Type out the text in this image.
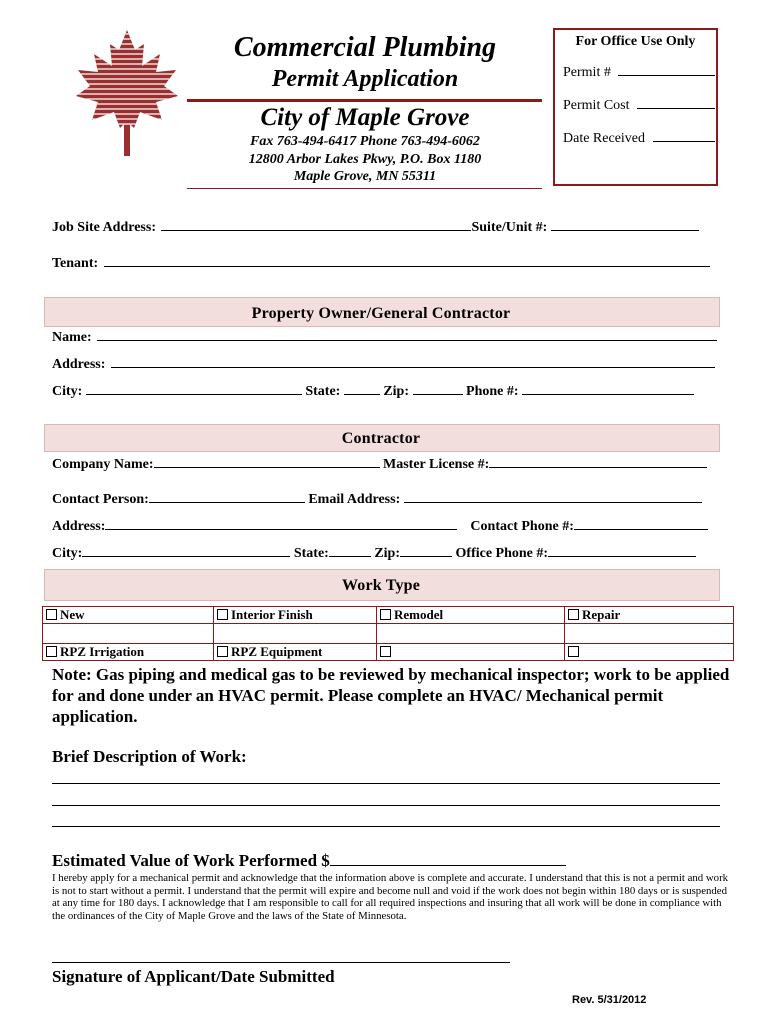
Commercial Plumbing
Permit Application
City of Maple Grove
Fax 763-494-6417 Phone 763-494-6062
12800 Arbor Lakes Pkwy, P.O. Box 1180
Maple Grove, MN 55311
For Office Use Only
Permit #
Permit Cost
Date Received
Job Site Address:	Suite/Unit #:
Tenant:
Property Owner/General Contractor
Name:
Address:
City:	State:	Zip:	Phone #:
Contractor
Company Name:	Master License #:
Contact Person:	Email Address:
Address:	Contact Phone #:
City:	State:	Zip:	Office Phone #:
Work Type
New	Interior Finish	Remodel	Repair
RPZ Irrigation	RPZ Equipment
Note: Gas piping and medical gas to be reviewed by mechanical inspector; work to be applied for and done under an HVAC permit. Please complete an HVAC/ Mechanical permit application.
Brief Description of Work:
Estimated Value of Work Performed $
I hereby apply for a mechanical permit and acknowledge that the information above is complete and accurate. I understand that this is not a permit and work is not to start without a permit. I understand that the permit will expire and become null and void if the work does not begin within 180 days or is suspended at any time for 180 days. I acknowledge that I am responsible to call for all required inspections and insuring that all work will be done in compliance with the ordinances of the City of Maple Grove and the laws of the State of Minnesota.
Signature of Applicant/Date Submitted
Rev. 5/31/2012
